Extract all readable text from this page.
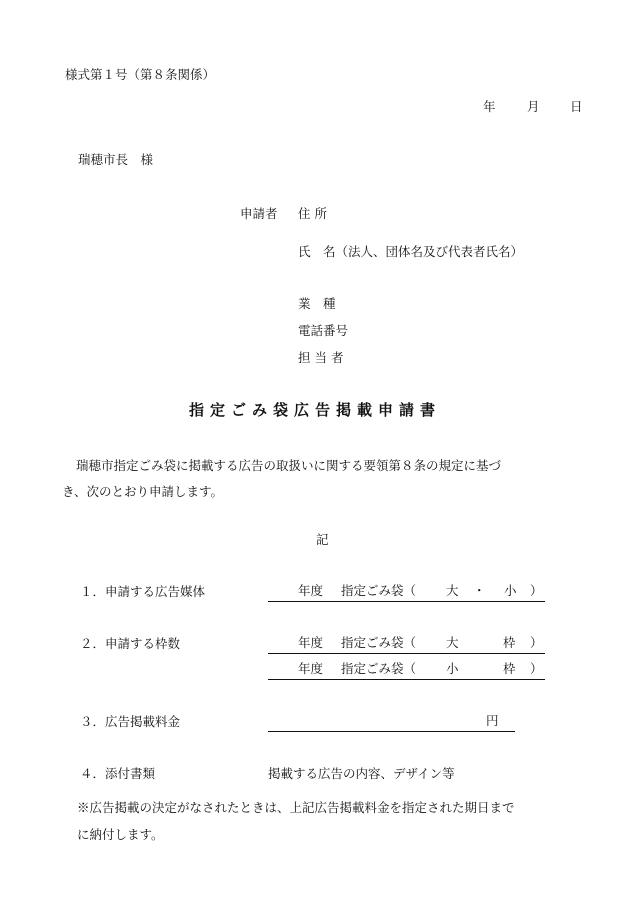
様式第１号（第８条関係）
年	月 日
瑞穂市長　様
申請者 住 所
氏　名（法人、団体名及び代表者氏名）
業　種
電話番号
担 当 者
指定ごみ袋広告掲載申請書
瑞穂市指定ごみ袋に掲載する広告の取扱いに関する要領第８条の規定に基づ
き、次のとおり申請します。
記
１．申請する広告媒体	年度 指定ごみ袋（ 大 ・ 小 ）
２．申請する枠数	年度 指定ごみ袋（ 大	枠 ）
年度 指定ごみ袋（ 小	枠 ）
３．広告掲載料金	円
４．添付書類	掲載する広告の内容、デザイン等
※広告掲載の決定がなされたときは、上記広告掲載料金を指定された期日まで
に納付します。
